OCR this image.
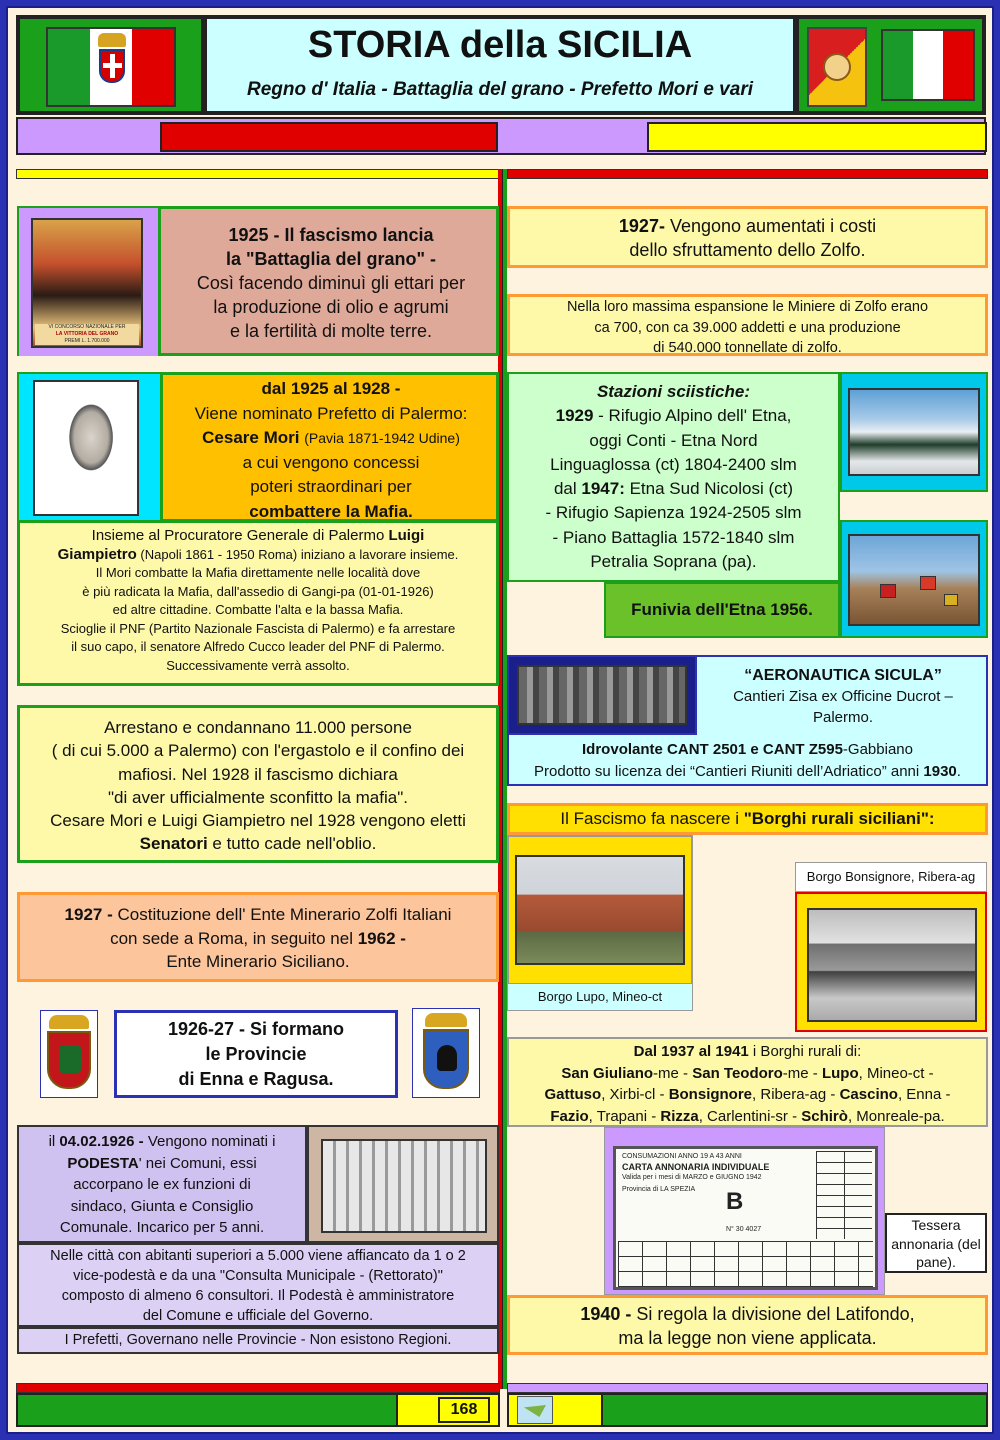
STORIA della SICILIA
Regno d' Italia - Battaglia del grano - Prefetto Mori e vari
VI CONCORSO NAZIONALE PER
LA VITTORIA DEL GRANO
PREMI L. 1.700.000
1925 - Il fascismo lancia
la "Battaglia del grano" -
Così facendo diminuì gli ettari per
la produzione di olio e agrumi
e la fertilità di molte terre.
dal 1925 al 1928 -
Viene nominato Prefetto di Palermo:
Cesare Mori (Pavia 1871-1942 Udine)
a cui vengono concessi
poteri straordinari per
combattere la Mafia.
Insieme al Procuratore Generale di Palermo Luigi
Giampietro (Napoli 1861 - 1950 Roma) iniziano a lavorare insieme.
Il Mori combatte la Mafia direttamente nelle località dove
è più radicata la Mafia, dall'assedio di Gangi-pa (01-01-1926)
ed altre cittadine. Combatte l'alta e la bassa Mafia.
Scioglie il PNF (Partito Nazionale Fascista di Palermo) e fa arrestare
il suo capo, il senatore Alfredo Cucco leader del PNF di Palermo.
Successivamente verrà assolto.
Arrestano e condannano 11.000 persone
( di cui 5.000 a Palermo) con l'ergastolo e il confino dei
mafiosi. Nel 1928 il fascismo dichiara
"di aver ufficialmente sconfitto la mafia".
Cesare Mori e Luigi Giampietro nel 1928 vengono eletti
Senatori e tutto cade nell'oblio.
1927 - Costituzione dell' Ente Minerario Zolfi Italiani
con sede a Roma, in seguito nel 1962 -
Ente Minerario Siciliano.
1926-27 - Si formano
le Provincie
di Enna e Ragusa.
il 04.02.1926 - Vengono nominati i
PODESTA' nei Comuni, essi
accorpano le ex funzioni di
sindaco, Giunta e Consiglio
Comunale. Incarico per 5 anni.
Nelle città con abitanti superiori a 5.000 viene affiancato da 1 o 2
vice-podestà e da una "Consulta Municipale - (Rettorato)"
composto di almeno 6 consultori. Il Podestà è amministratore
del Comune e ufficiale del Governo.
I Prefetti, Governano nelle Provincie - Non esistono Regioni.
1927- Vengono aumentati i costi
dello sfruttamento dello Zolfo.
Nella loro massima espansione le Miniere di Zolfo erano
ca 700, con ca 39.000 addetti e una produzione
di 540.000 tonnellate di zolfo.
Stazioni sciistiche:
1929 - Rifugio Alpino dell' Etna,
oggi Conti - Etna Nord
Linguaglossa (ct) 1804-2400 slm
dal 1947: Etna Sud Nicolosi (ct)
- Rifugio Sapienza 1924-2505 slm
- Piano Battaglia 1572-1840 slm
Petralia Soprana (pa).
Funivia dell'Etna 1956.
“AERONAUTICA SICULA”
Cantieri Zisa ex Officine Ducrot –
Palermo.
Idrovolante CANT 2501 e CANT Z595-Gabbiano
Prodotto su licenza dei “Cantieri Riuniti dell’Adriatico” anni 1930.
Il Fascismo fa nascere i "Borghi rurali siciliani":
Borgo Lupo, Mineo-ct
Borgo Bonsignore, Ribera-ag
Dal 1937 al 1941 i Borghi rurali di:
San Giuliano-me - San Teodoro-me - Lupo, Mineo-ct -
Gattuso, Xirbi-cl - Bonsignore, Ribera-ag - Cascino, Enna -
Fazio, Trapani - Rizza, Carlentini-sr - Schirò, Monreale-pa.
CONSUMAZIONI ANNO 19 A 43 ANNI
CARTA ANNONARIA INDIVIDUALE
Valida per i mesi di MARZO e GIUGNO 1942
Provincia di LA SPEZIA	B
N° 30 4027	Tessera annonaria (del pane).
1940 - Si regola la divisione del Latifondo,
ma la legge non viene applicata.
168
